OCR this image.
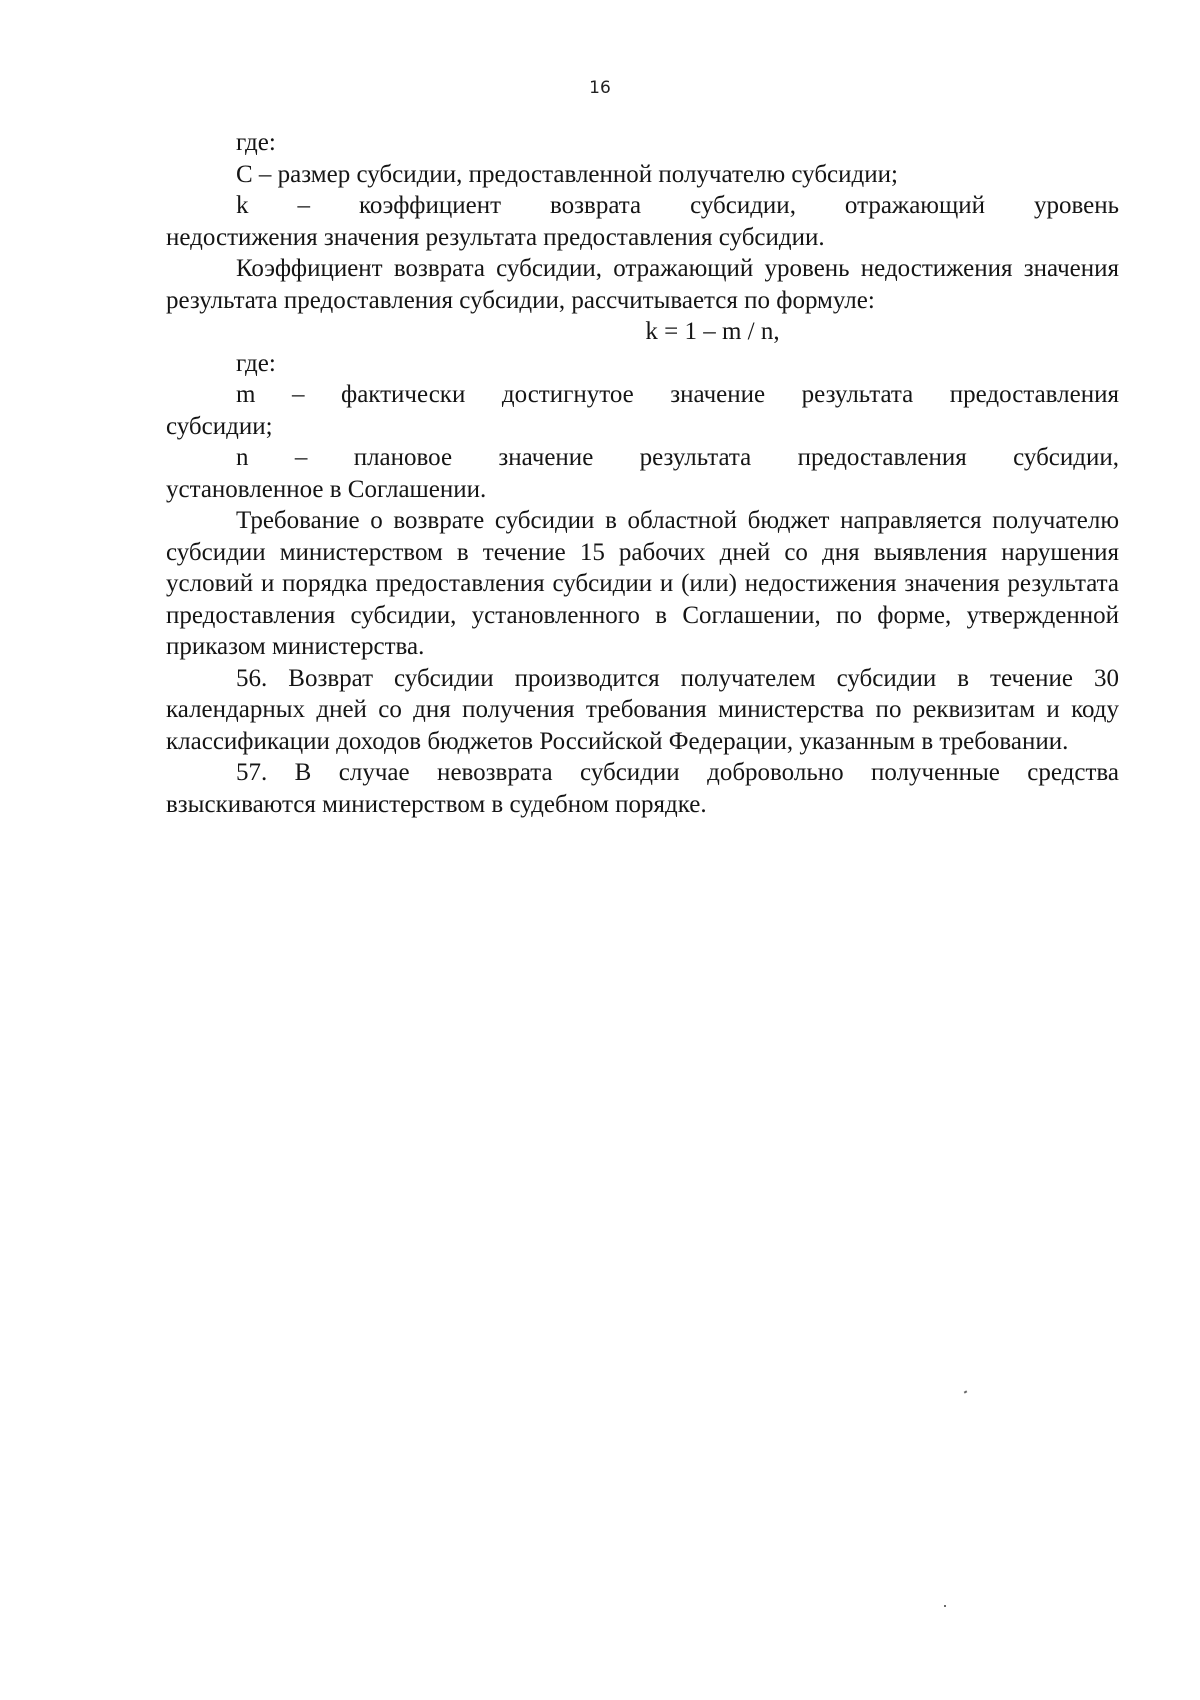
16

где:

С – размер субсидии, предоставленной получателю субсидии;

k – коэффициент возврата субсидии, отражающий уровень

недостижения значения результата предоставления субсидии.

Коэффициент возврата субсидии, отражающий уровень недостижения значения результата предоставления субсидии, рассчитывается по формуле:

k = 1 – m / n,

где:

m – фактически достигнутое значение результата предоставления

субсидии;

n – плановое значение результата предоставления субсидии,

установленное в Соглашении.

Требование о возврате субсидии в областной бюджет направляется получателю субсидии министерством в течение 15 рабочих дней со дня выявления нарушения условий и порядка предоставления субсидии и (или) недостижения значения результата предоставления субсидии, установленного в Соглашении, по форме, утвержденной приказом министерства.

56. Возврат субсидии производится получателем субсидии в течение 30 календарных дней со дня получения требования министерства по реквизитам и коду классификации доходов бюджетов Российской Федерации, указанным в требовании.

57. В случае невозврата субсидии добровольно полученные средства взыскиваются министерством в судебном порядке.
